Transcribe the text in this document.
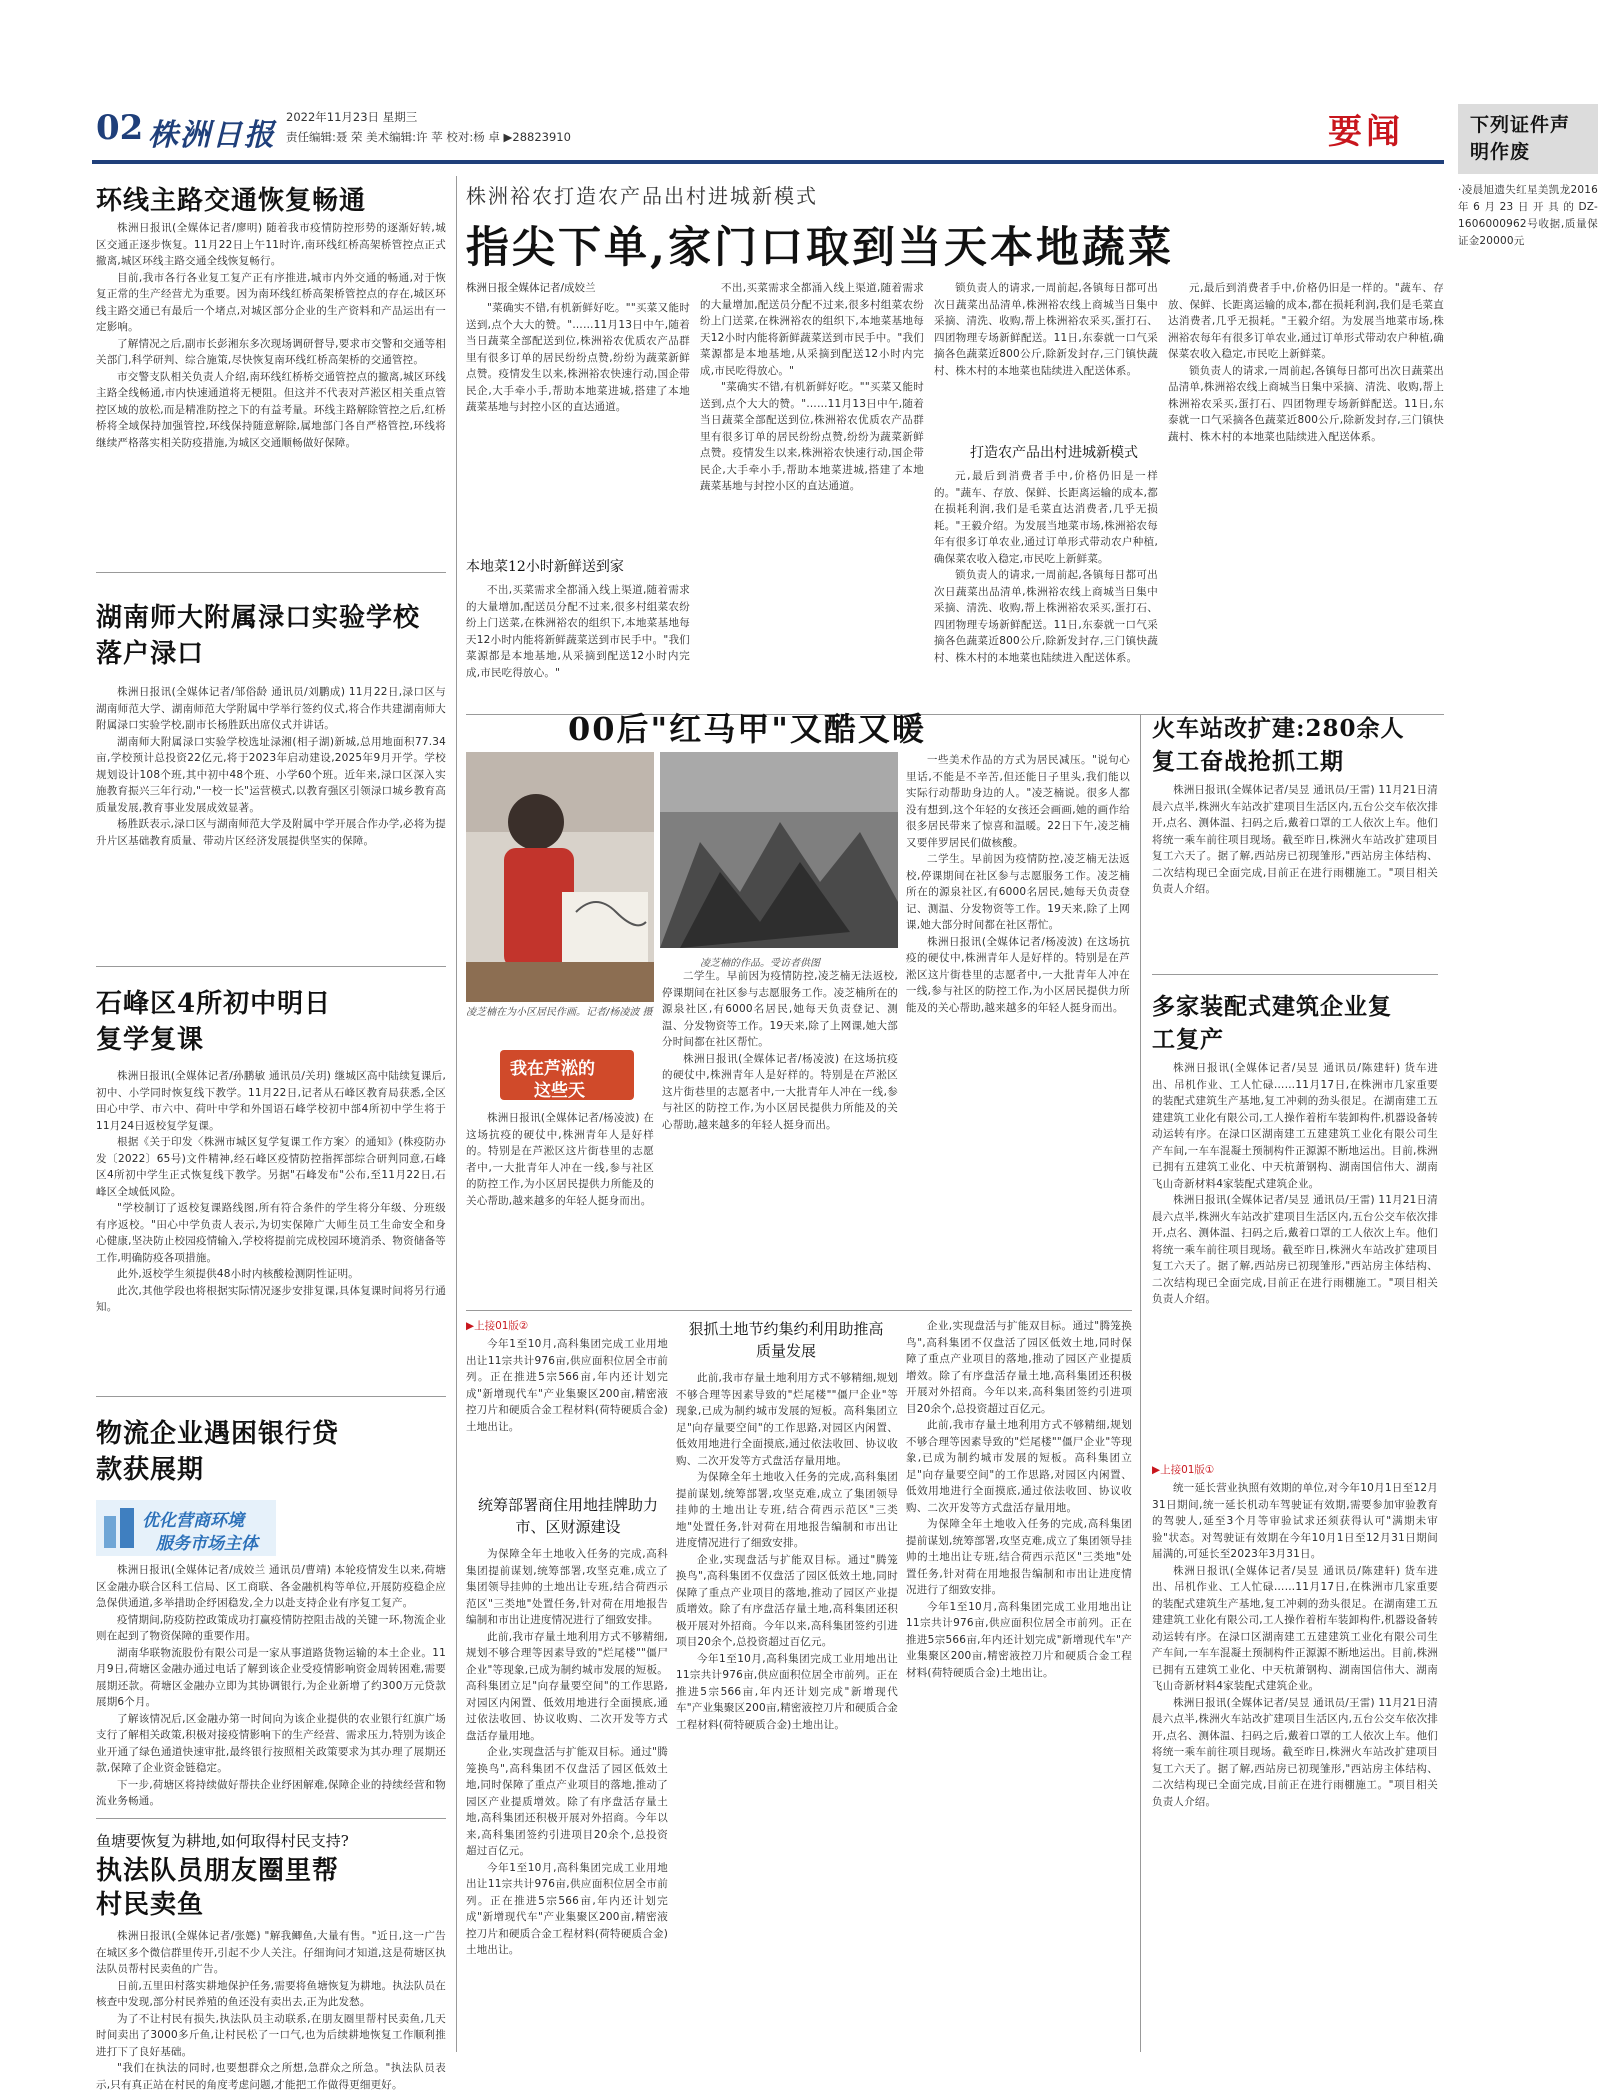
02 株洲日报
2022年11月23日 星期三
责任编辑:聂 荣 美术编辑:许 苹 校对:杨 卓 ▶28823910	要闻	下列证件声明作废
·凌晨旭遗失红星美凯龙2016年6月23日开具的DZ-1606000962号收据,质量保证金20000元
环线主路交通恢复畅通

株洲日报讯(全媒体记者/廖明) 随着我市疫情防控形势的逐渐好转,城区交通正逐步恢复。11月22日上午11时许,南环线红桥高架桥管控点正式撤离,城区环线主路交通全线恢复畅行。

目前,我市各行各业复工复产正有序推进,城市内外交通的畅通,对于恢复正常的生产经营尤为重要。因为南环线红桥高架桥管控点的存在,城区环线主路交通已有最后一个堵点,对城区部分企业的生产资料和产品运出有一定影响。

了解情况之后,副市长彭湘东多次现场调研督导,要求市交警和交通等相关部门,科学研判、综合施策,尽快恢复南环线红桥高架桥的交通管控。

市交警支队相关负责人介绍,南环线红桥桥交通管控点的撤离,城区环线主路全线畅通,市内快速通道将无梗阻。但这并不代表对芦淞区相关重点管控区域的放松,而是精准防控之下的有益考量。环线主路解除管控之后,红桥桥将全域保持加强管控,环线保持随意解除,属地部门各自严格管控,环线将继续严格落实相关防疫措施,为城区交通顺畅做好保障。

湖南师大附属渌口实验学校落户渌口

株洲日报讯(全媒体记者/邹俗龄 通讯员/刘鹏成) 11月22日,渌口区与湖南师范大学、湖南师范大学附属中学举行签约仪式,将合作共建湖南师大附属渌口实验学校,副市长杨胜跃出席仪式并讲话。

湖南师大附属渌口实验学校选址渌湘(相子湖)新城,总用地面积77.34亩,学校预计总投资22亿元,将于2023年启动建设,2025年9月开学。学校规划设计108个班,其中初中48个班、小学60个班。近年来,渌口区深入实施教育振兴三年行动,"一校一长"运营模式,以教育强区引领渌口城乡教育高质量发展,教育事业发展成效显著。

杨胜跃表示,渌口区与湖南师范大学及附属中学开展合作办学,必将为提升片区基础教育质量、带动片区经济发展提供坚实的保障。

石峰区4所初中明日复学复课

株洲日报讯(全媒体记者/孙鹏敏 通讯员/关玥) 继城区高中陆续复课后,初中、小学同时恢复线下教学。11月22日,记者从石峰区教育局获悉,全区田心中学、市六中、荷叶中学和外国语石峰学校初中部4所初中学生将于11月24日返校复学复课。

根据《关于印发〈株洲市城区复学复课工作方案〉的通知》(株疫防办发〔2022〕65号)文件精神,经石峰区疫情防控指挥部综合研判同意,石峰区4所初中学生正式恢复线下教学。另据"石峰发布"公布,至11月22日,石峰区全域低风险。

"学校制订了返校复课路线图,所有符合条件的学生将分年级、分班级有序返校。"田心中学负责人表示,为切实保障广大师生员工生命安全和身心健康,坚决防止校园疫情输入,学校将提前完成校园环境消杀、物资储备等工作,明确防疫各项措施。

此外,返校学生须提供48小时内核酸检测阴性证明。

此次,其他学段也将根据实际情况逐步安排复课,具体复课时间将另行通知。

物流企业遇困银行贷款获展期
优化营商环境
服务市场主体

株洲日报讯(全媒体记者/成姣兰 通讯员/曹靖) 本轮疫情发生以来,荷塘区金融办联合区科工信局、区工商联、各金融机构等单位,开展防疫稳企应急保供通道,多举措助企纾困稳发,全力以赴支持企业有序复工复产。

疫情期间,防疫防控政策成功打赢疫情防控阻击战的关键一环,物流企业则在起到了物资保障的重要作用。

湖南华联物流股份有限公司是一家从事道路货物运输的本土企业。11月9日,荷塘区金融办通过电话了解到该企业受疫情影响资金周转困难,需要展期还款。荷塘区金融办立即为其协调银行,为企业新增了约300万元贷款展期6个月。

了解该情况后,区金融办第一时间向为该企业提供的农业银行红旗广场支行了解相关政策,积极对接疫情影响下的生产经营、需求压力,特别为该企业开通了绿色通道快速审批,最终银行按照相关政策要求为其办理了展期还款,保障了企业资金链稳定。

下一步,荷塘区将持续做好帮扶企业纾困解难,保障企业的持续经营和物流业务畅通。

鱼塘要恢复为耕地,如何取得村民支持?
执法队员朋友圈里帮村民卖鱼

株洲日报讯(全媒体记者/张嫕) "解我鲫鱼,大量有售。"近日,这一广告在城区多个微信群里传开,引起不少人关注。仔细询问才知道,这是荷塘区执法队员帮村民卖鱼的广告。

日前,五里田村落实耕地保护任务,需要将鱼塘恢复为耕地。执法队员在核查中发现,部分村民养殖的鱼还没有卖出去,正为此发愁。

为了不让村民有损失,执法队员主动联系,在朋友圈里帮村民卖鱼,几天时间卖出了3000多斤鱼,让村民松了一口气,也为后续耕地恢复工作顺利推进打下了良好基础。

"我们在执法的同时,也要想群众之所想,急群众之所急。"执法队员表示,只有真正站在村民的角度考虑问题,才能把工作做得更细更好。

株洲裕农打造农产品出村进城新模式
指尖下单,家门口取到当天本地蔬菜
株洲日报全媒体记者/成姣兰

"菜确实不错,有机新鲜好吃。""买菜又能时送到,点个大大的赞。"……11月13日中午,随着当日蔬菜全部配送到位,株洲裕农优质农产品群里有很多订单的居民纷纷点赞,纷纷为蔬菜新鲜点赞。疫情发生以来,株洲裕农快速行动,国企带民企,大手牵小手,帮助本地菜进城,搭建了本地蔬菜基地与封控小区的直达通道。

本地菜12小时新鲜送到家

不出,买菜需求全都涌入线上渠道,随着需求的大量增加,配送员分配不过来,很多村组菜农纷纷上门送菜,在株洲裕农的组织下,本地菜基地每天12小时内能将新鲜蔬菜送到市民手中。"我们菜源都是本地基地,从采摘到配送12小时内完成,市民吃得放心。"

不出,买菜需求全都涌入线上渠道,随着需求的大量增加,配送员分配不过来,很多村组菜农纷纷上门送菜,在株洲裕农的组织下,本地菜基地每天12小时内能将新鲜蔬菜送到市民手中。"我们菜源都是本地基地,从采摘到配送12小时内完成,市民吃得放心。"

"菜确实不错,有机新鲜好吃。""买菜又能时送到,点个大大的赞。"……11月13日中午,随着当日蔬菜全部配送到位,株洲裕农优质农产品群里有很多订单的居民纷纷点赞,纷纷为蔬菜新鲜点赞。疫情发生以来,株洲裕农快速行动,国企带民企,大手牵小手,帮助本地菜进城,搭建了本地蔬菜基地与封控小区的直达通道。

锁负责人的请求,一周前起,各镇每日都可出次日蔬菜出品清单,株洲裕农线上商城当日集中采摘、清洗、收购,帮上株洲裕农采买,蛋打石、四团物理专场新鲜配送。11日,东泰就一口气采摘各色蔬菜近800公斤,除新发封存,三门镇快蔬村、株木村的本地菜也陆续进入配送体系。

打造农产品出村进城新模式

元,最后到消费者手中,价格仍旧是一样的。"蔬车、存放、保鲜、长距离运输的成本,都在损耗利润,我们是毛菜直达消费者,几乎无损耗。"王毅介绍。为发展当地菜市场,株洲裕农每年有很多订单农业,通过订单形式带动农户种植,确保菜农收入稳定,市民吃上新鲜菜。

锁负责人的请求,一周前起,各镇每日都可出次日蔬菜出品清单,株洲裕农线上商城当日集中采摘、清洗、收购,帮上株洲裕农采买,蛋打石、四团物理专场新鲜配送。11日,东泰就一口气采摘各色蔬菜近800公斤,除新发封存,三门镇快蔬村、株木村的本地菜也陆续进入配送体系。

元,最后到消费者手中,价格仍旧是一样的。"蔬车、存放、保鲜、长距离运输的成本,都在损耗利润,我们是毛菜直达消费者,几乎无损耗。"王毅介绍。为发展当地菜市场,株洲裕农每年有很多订单农业,通过订单形式带动农户种植,确保菜农收入稳定,市民吃上新鲜菜。

锁负责人的请求,一周前起,各镇每日都可出次日蔬菜出品清单,株洲裕农线上商城当日集中采摘、清洗、收购,帮上株洲裕农采买,蛋打石、四团物理专场新鲜配送。11日,东泰就一口气采摘各色蔬菜近800公斤,除新发封存,三门镇快蔬村、株木村的本地菜也陆续进入配送体系。

00后"红马甲"又酷又暖
凌芝楠在为小区居民作画。记者/杨凌波 摄
凌芝楠的作品。受访者供图
我在芦淞的
这些天

株洲日报讯(全媒体记者/杨凌波) 在这场抗疫的硬仗中,株洲青年人是好样的。特别是在芦淞区这片街巷里的志愿者中,一大批青年人冲在一线,参与社区的防控工作,为小区居民提供力所能及的关心帮助,越来越多的年轻人挺身而出。

二学生。早前因为疫情防控,凌芝楠无法返校,停课期间在社区参与志愿服务工作。凌芝楠所在的源泉社区,有6000名居民,她每天负责登记、测温、分发物资等工作。19天来,除了上网课,她大部分时间都在社区帮忙。

株洲日报讯(全媒体记者/杨凌波) 在这场抗疫的硬仗中,株洲青年人是好样的。特别是在芦淞区这片街巷里的志愿者中,一大批青年人冲在一线,参与社区的防控工作,为小区居民提供力所能及的关心帮助,越来越多的年轻人挺身而出。

一些美术作品的方式为居民减压。"说句心里话,不能是不辛苦,但还能日子里头,我们能以实际行动帮助身边的人。"凌芝楠说。很多人都没有想到,这个年轻的女孩还会画画,她的画作给很多居民带来了惊喜和温暖。22日下午,凌芝楠又要伴罗居民们做核酸。

二学生。早前因为疫情防控,凌芝楠无法返校,停课期间在社区参与志愿服务工作。凌芝楠所在的源泉社区,有6000名居民,她每天负责登记、测温、分发物资等工作。19天来,除了上网课,她大部分时间都在社区帮忙。

株洲日报讯(全媒体记者/杨凌波) 在这场抗疫的硬仗中,株洲青年人是好样的。特别是在芦淞区这片街巷里的志愿者中,一大批青年人冲在一线,参与社区的防控工作,为小区居民提供力所能及的关心帮助,越来越多的年轻人挺身而出。

火车站改扩建:280余人复工奋战抢抓工期

株洲日报讯(全媒体记者/吴昱 通讯员/王雷) 11月21日清晨六点半,株洲火车站改扩建项目生活区内,五台公交车依次排开,点名、测体温、扫码之后,戴着口罩的工人依次上车。他们将统一乘车前往项目现场。截至昨日,株洲火车站改扩建项目复工六天了。据了解,西站房已初现雏形,"西站房主体结构、二次结构现已全面完成,目前正在进行雨棚施工。"项目相关负责人介绍。

多家装配式建筑企业复工复产

株洲日报讯(全媒体记者/吴昱 通讯员/陈建轩) 货车进出、吊机作业、工人忙碌……11月17日,在株洲市几家重要的装配式建筑生产基地,复工冲刺的劲头很足。在湖南建工五建建筑工业化有限公司,工人操作着桁车装卸构件,机器设备转动运转有序。在渌口区湖南建工五建建筑工业化有限公司生产车间,一车车混凝土预制构件正源源不断地运出。目前,株洲已拥有五建筑工业化、中天杭萧钢构、湖南国信伟大、湖南飞山奇新材料4家装配式建筑企业。

株洲日报讯(全媒体记者/吴昱 通讯员/王雷) 11月21日清晨六点半,株洲火车站改扩建项目生活区内,五台公交车依次排开,点名、测体温、扫码之后,戴着口罩的工人依次上车。他们将统一乘车前往项目现场。截至昨日,株洲火车站改扩建项目复工六天了。据了解,西站房已初现雏形,"西站房主体结构、二次结构现已全面完成,目前正在进行雨棚施工。"项目相关负责人介绍。

▶上接01版①

统一延长营业执照有效期的单位,对今年10月1日至12月31日期间,统一延长机动车驾驶证有效期,需要参加审验教育的驾驶人,延至3个月等审验试求还须获得认可"满期未审验"状态。对驾驶证有效期在今年10月1日至12月31日期间届满的,可延长至2023年3月31日。

株洲日报讯(全媒体记者/吴昱 通讯员/陈建轩) 货车进出、吊机作业、工人忙碌……11月17日,在株洲市几家重要的装配式建筑生产基地,复工冲刺的劲头很足。在湖南建工五建建筑工业化有限公司,工人操作着桁车装卸构件,机器设备转动运转有序。在渌口区湖南建工五建建筑工业化有限公司生产车间,一车车混凝土预制构件正源源不断地运出。目前,株洲已拥有五建筑工业化、中天杭萧钢构、湖南国信伟大、湖南飞山奇新材料4家装配式建筑企业。

株洲日报讯(全媒体记者/吴昱 通讯员/王雷) 11月21日清晨六点半,株洲火车站改扩建项目生活区内,五台公交车依次排开,点名、测体温、扫码之后,戴着口罩的工人依次上车。他们将统一乘车前往项目现场。截至昨日,株洲火车站改扩建项目复工六天了。据了解,西站房已初现雏形,"西站房主体结构、二次结构现已全面完成,目前正在进行雨棚施工。"项目相关负责人介绍。

▶上接01版②

今年1至10月,高科集团完成工业用地出让11宗共计976亩,供应面积位居全市前列。正在推进5宗566亩,年内还计划完成"新增现代车"产业集聚区200亩,精密液控刀片和硬质合金工程材料(荷特硬质合金)土地出让。

统筹部署商住用地挂牌助力市、区财源建设

为保障全年土地收入任务的完成,高科集团提前谋划,统筹部署,攻坚克难,成立了集团领导挂帅的土地出让专班,结合荷西示范区"三类地"处置任务,针对荷在用地报告编制和市出让进度情况进行了细致安排。

此前,我市存量土地利用方式不够精细,规划不够合理等因素导致的"烂尾楼""僵尸企业"等现象,已成为制约城市发展的短板。高科集团立足"向存量要空间"的工作思路,对园区内闲置、低效用地进行全面摸底,通过依法收回、协议收购、二次开发等方式盘活存量用地。

企业,实现盘活与扩能双目标。通过"腾笼换鸟",高科集团不仅盘活了园区低效土地,同时保障了重点产业项目的落地,推动了园区产业提质增效。除了有序盘活存量土地,高科集团还积极开展对外招商。今年以来,高科集团签约引进项目20余个,总投资超过百亿元。

今年1至10月,高科集团完成工业用地出让11宗共计976亩,供应面积位居全市前列。正在推进5宗566亩,年内还计划完成"新增现代车"产业集聚区200亩,精密液控刀片和硬质合金工程材料(荷特硬质合金)土地出让。

狠抓土地节约集约利用助推高质量发展

此前,我市存量土地利用方式不够精细,规划不够合理等因素导致的"烂尾楼""僵尸企业"等现象,已成为制约城市发展的短板。高科集团立足"向存量要空间"的工作思路,对园区内闲置、低效用地进行全面摸底,通过依法收回、协议收购、二次开发等方式盘活存量用地。

为保障全年土地收入任务的完成,高科集团提前谋划,统筹部署,攻坚克难,成立了集团领导挂帅的土地出让专班,结合荷西示范区"三类地"处置任务,针对荷在用地报告编制和市出让进度情况进行了细致安排。

企业,实现盘活与扩能双目标。通过"腾笼换鸟",高科集团不仅盘活了园区低效土地,同时保障了重点产业项目的落地,推动了园区产业提质增效。除了有序盘活存量土地,高科集团还积极开展对外招商。今年以来,高科集团签约引进项目20余个,总投资超过百亿元。

今年1至10月,高科集团完成工业用地出让11宗共计976亩,供应面积位居全市前列。正在推进5宗566亩,年内还计划完成"新增现代车"产业集聚区200亩,精密液控刀片和硬质合金工程材料(荷特硬质合金)土地出让。

企业,实现盘活与扩能双目标。通过"腾笼换鸟",高科集团不仅盘活了园区低效土地,同时保障了重点产业项目的落地,推动了园区产业提质增效。除了有序盘活存量土地,高科集团还积极开展对外招商。今年以来,高科集团签约引进项目20余个,总投资超过百亿元。

此前,我市存量土地利用方式不够精细,规划不够合理等因素导致的"烂尾楼""僵尸企业"等现象,已成为制约城市发展的短板。高科集团立足"向存量要空间"的工作思路,对园区内闲置、低效用地进行全面摸底,通过依法收回、协议收购、二次开发等方式盘活存量用地。

为保障全年土地收入任务的完成,高科集团提前谋划,统筹部署,攻坚克难,成立了集团领导挂帅的土地出让专班,结合荷西示范区"三类地"处置任务,针对荷在用地报告编制和市出让进度情况进行了细致安排。

今年1至10月,高科集团完成工业用地出让11宗共计976亩,供应面积位居全市前列。正在推进5宗566亩,年内还计划完成"新增现代车"产业集聚区200亩,精密液控刀片和硬质合金工程材料(荷特硬质合金)土地出让。
